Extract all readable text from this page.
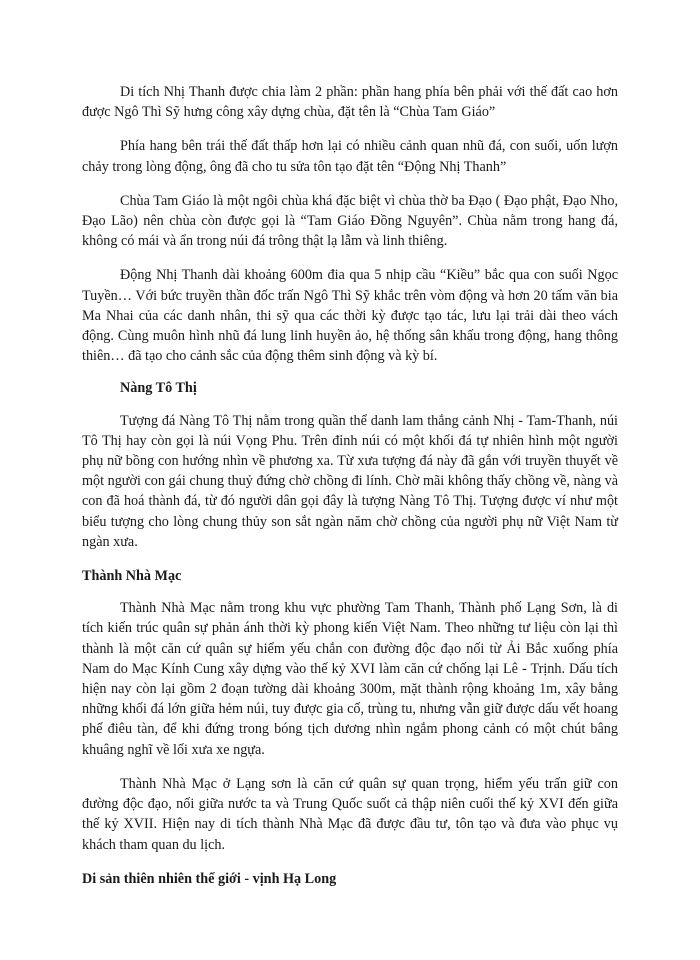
Di tích Nhị Thanh được chia làm 2 phần: phần hang phía bên phải với thế đất cao hơn được Ngô Thì Sỹ hưng công xây dựng chùa, đặt tên là “Chùa Tam Giáo”

Phía hang bên trái thế đất thấp hơn lại có nhiều cảnh quan nhũ đá, con suối, uốn lượn chảy trong lòng động, ông đã cho tu sửa tôn tạo đặt tên “Động Nhị Thanh”

Chùa Tam Giáo là một ngôi chùa khá đặc biệt vì chùa thờ ba Đạo ( Đạo phật, Đạo Nho, Đạo Lão) nên chùa còn được gọi là “Tam Giáo Đồng Nguyên”. Chùa nằm trong hang đá, không có mái và ẩn trong núi đá trông thật lạ lẫm và linh thiêng.

Động Nhị Thanh dài khoảng 600m đia qua 5 nhịp cầu “Kiều” bắc qua con suối Ngọc Tuyền… Với bức truyền thần đốc trấn Ngô Thì Sỹ khắc trên vòm động và hơn 20 tấm văn bia Ma Nhai của các danh nhân, thi sỹ qua các thời kỳ được tạo tác, lưu lại trải dài theo vách động. Cùng muôn hình nhũ đá lung linh huyền ảo, hệ thống sân khấu trong động, hang thông thiên… đã tạo cho cảnh sắc của động thêm sinh động và kỳ bí.

Nàng Tô Thị

Tượng đá Nàng Tô Thị nằm trong quần thể danh lam thắng cảnh Nhị - Tam-Thanh, núi Tô Thị hay còn gọi là núi Vọng Phu. Trên đỉnh núi có một khối đá tự nhiên hình một người phụ nữ bồng con hướng nhìn về phương xa. Từ xưa tượng đá này đã gắn với truyền thuyết về một người con gái chung thuỷ đứng chờ chồng đi lính. Chờ mãi không thấy chồng về, nàng và con đã hoá thành đá, từ đó người dân gọi đây là tượng Nàng Tô Thị. Tượng được ví như một biểu tượng cho lòng chung thủy son sắt ngàn năm chờ chồng của người phụ nữ Việt Nam từ ngàn xưa.

Thành Nhà Mạc

Thành Nhà Mạc nằm trong khu vực phường Tam Thanh, Thành phố Lạng Sơn, là di tích kiến trúc quân sự phản ánh thời kỳ phong kiến Việt Nam. Theo những tư liệu còn lại thì thành là một căn cứ quân sự hiểm yếu chắn con đường độc đạo nối từ Ải Bắc xuống phía Nam do Mạc Kính Cung xây dựng vào thế kỷ XVI làm căn cứ chống lại Lê - Trịnh. Dấu tích hiện nay còn lại gồm 2 đoạn tường dài khoảng 300m, mặt thành rộng khoảng 1m, xây bằng những khối đá lớn giữa hẻm núi, tuy được gia cố, trùng tu, nhưng vẫn giữ được dấu vết hoang phế điêu tàn, để khi đứng trong bóng tịch dương nhìn ngắm phong cảnh có một chút bâng khuâng nghĩ về lối xưa xe ngựa.

Thành Nhà Mạc ở Lạng sơn là căn cứ quân sự quan trọng, hiểm yếu trấn giữ con đường độc đạo, nối giữa nước ta và Trung Quốc suốt cả thập niên cuối thế kỷ XVI đến giữa thế kỷ XVII. Hiện nay di tích thành Nhà Mạc đã được đầu tư, tôn tạo và đưa vào phục vụ khách tham quan du lịch.

Di sản thiên nhiên thế giới - vịnh Hạ Long
